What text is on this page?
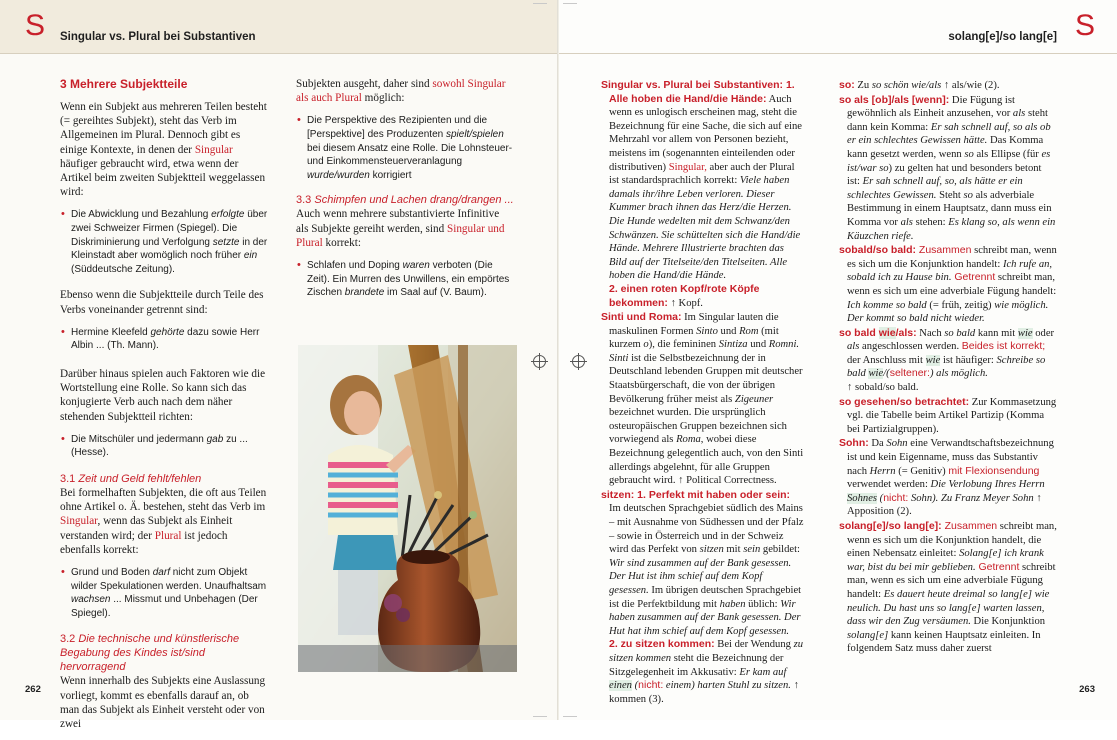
S Singular vs. Plural bei Substantiven
3 Mehrere Subjektteile

Wenn ein Subjekt aus mehreren Teilen besteht (= gereihtes Subjekt), steht das Verb im Allgemeinen im Plural. Dennoch gibt es einige Kontexte, in denen der Singular häufiger gebraucht wird, etwa wenn der Artikel beim zweiten Subjektteil weggelassen wird:

• Die Abwicklung und Bezahlung erfolgte über zwei Schweizer Firmen (Spiegel). Die Diskriminierung und Verfolgung setzte in der Kleinstadt aber womöglich noch früher ein (Süddeutsche Zeitung).

Ebenso wenn die Subjektteile durch Teile des Verbs voneinander getrennt sind:

• Hermine Kleefeld gehörte dazu sowie Herr Albin ... (Th. Mann).

Darüber hinaus spielen auch Faktoren wie die Wortstellung eine Rolle. So kann sich das konjugierte Verb auch nach dem näher stehenden Subjektteil richten:

• Die Mitschüler und jedermann gab zu ... (Hesse).
3.1 Zeit und Geld fehlt/fehlen

Bei formelhaften Subjekten, die oft aus Teilen ohne Artikel o. Ä. bestehen, steht das Verb im Singular, wenn das Subjekt als Einheit verstanden wird; der Plural ist jedoch ebenfalls korrekt:

• Grund und Boden darf nicht zum Objekt wilder Spekulationen werden. Unaufhaltsam wachsen ... Missmut und Unbehagen (Der Spiegel).
3.2 Die technische und künstlerische Begabung des Kindes ist/sind hervorragend

Wenn innerhalb des Subjekts eine Auslassung vorliegt, kommt es ebenfalls darauf an, ob man das Subjekt als Einheit versteht oder von zwei

Subjekten ausgeht, daher sind sowohl Singular als auch Plural möglich:

• Die Perspektive des Rezipienten und die [Perspektive] des Produzenten spielt/spielen bei diesem Ansatz eine Rolle. Die Lohnsteuer- und Einkommensteuerveranlagung wurde/wurden korrigiert
3.3 Schimpfen und Lachen drang/drangen ...

Auch wenn mehrere substantivierte Infinitive als Subjekte gereiht werden, sind Singular und Plural korrekt:

• Schlafen und Doping waren verboten (Die Zeit). Ein Murren des Unwillens, ein empörtes Zischen brandete im Saal auf (V. Baum).
262
solang[e]/so lang[e] S
Singular vs. Plural bei Substantiven: 1. Alle hoben die Hand/die Hände: Auch wenn es unlogisch erscheinen mag, steht die Bezeichnung für eine Sache, die sich auf eine Mehrzahl vor allem von Personen bezieht, meistens im (sogenannten einteilenden oder distributiven) Singular, aber auch der Plural ist standardsprachlich korrekt: Viele haben damals ihr/ihre Leben verloren. Dieser Kummer brach ihnen das Herz/die Herzen. Die Hunde wedelten mit dem Schwanz/den Schwänzen. Sie schüttelten sich die Hand/die Hände. Mehrere Illustrierte brachten das Bild auf der Titelseite/den Titelseiten. Alle hoben die Hand/die Hände.
2. einen roten Kopf/rote Köpfe bekommen: ↑ Kopf.
Sinti und Roma: Im Singular lauten die maskulinen Formen Sinto und Rom (mit kurzem o), die femininen Sintiza und Romni. Sinti ist die Selbstbezeichnung der in Deutschland lebenden Gruppen mit deutscher Staatsbürgerschaft, die von der übrigen Bevölkerung früher meist als Zigeuner bezeichnet wurden. Die ursprünglich osteuropäischen Gruppen bezeichnen sich vorwiegend als Roma, wobei diese Bezeichnung gelegentlich auch, von den Sinti allerdings abgelehnt, für alle Gruppen gebraucht wird. ↑ Political Correctness.
sitzen: 1. Perfekt mit haben oder sein: Im deutschen Sprachgebiet südlich des Mains – mit Ausnahme von Südhessen und der Pfalz – sowie in Österreich und in der Schweiz wird das Perfekt von sitzen mit sein gebildet: Wir sind zusammen auf der Bank gesessen. Der Hut ist ihm schief auf dem Kopf gesessen. Im übrigen deutschen Sprachgebiet ist die Perfektbildung mit haben üblich: Wir haben zusammen auf der Bank gesessen. Der Hut hat ihm schief auf dem Kopf gesessen.
2. zu sitzen kommen: Bei der Wendung zu sitzen kommen steht die Bezeichnung der Sitzgelegenheit im Akkusativ: Er kam auf einen (nicht: einem) harten Stuhl zu sitzen. ↑ kommen (3).
so: Zu so schön wie/als ↑ als/wie (2).
so als [ob]/als [wenn]: Die Fügung ist gewöhnlich als Einheit anzusehen, vor als steht dann kein Komma: Er sah schnell auf, so als ob er ein schlechtes Gewissen hätte. Das Komma kann gesetzt werden, wenn so als Ellipse (für es ist/war so) zu gelten hat und besonders betont ist: Er sah schnell auf, so, als hätte er ein schlechtes Gewissen. Steht so als adverbiale Bestimmung in einem Hauptsatz, dann muss ein Komma vor als stehen: Es klang so, als wenn ein Käuzchen riefe.
sobald/so bald: Zusammen schreibt man, wenn es sich um die Konjunktion handelt: Ich rufe an, sobald ich zu Hause bin. Getrennt schreibt man, wenn es sich um eine adverbiale Fügung handelt: Ich komme so bald (= früh, zeitig) wie möglich. Der kommt so bald nicht wieder.
so bald wie/als: Nach so bald kann mit wie oder als angeschlossen werden. Beides ist korrekt; der Anschluss mit wie ist häufiger: Schreibe so bald wie/(seltener:) als möglich.
↑ sobald/so bald.
so gesehen/so betrachtet: Zur Kommasetzung vgl. die Tabelle beim Artikel Partizip (Komma bei Partizialgruppen).
Sohn: Da Sohn eine Verwandtschaftsbezeichnung ist und kein Eigenname, muss das Substantiv nach Herrn (= Genitiv) mit Flexionsendung verwendet werden: Die Verlobung Ihres Herrn Sohnes (nicht: Sohn). Zu Franz Meyer Sohn ↑ Apposition (2).
solang[e]/so lang[e]: Zusammen schreibt man, wenn es sich um die Konjunktion handelt, die einen Nebensatz einleitet: Solang[e] ich krank war, bist du bei mir geblieben. Getrennt schreibt man, wenn es sich um eine adverbiale Fügung handelt: Es dauert heute dreimal so lang[e] wie neulich. Du hast uns so lang[e] warten lassen, dass wir den Zug versäumen. Die Konjunktion solang[e] kann keinen Hauptsatz einleiten. In folgendem Satz muss daher zuerst
263
